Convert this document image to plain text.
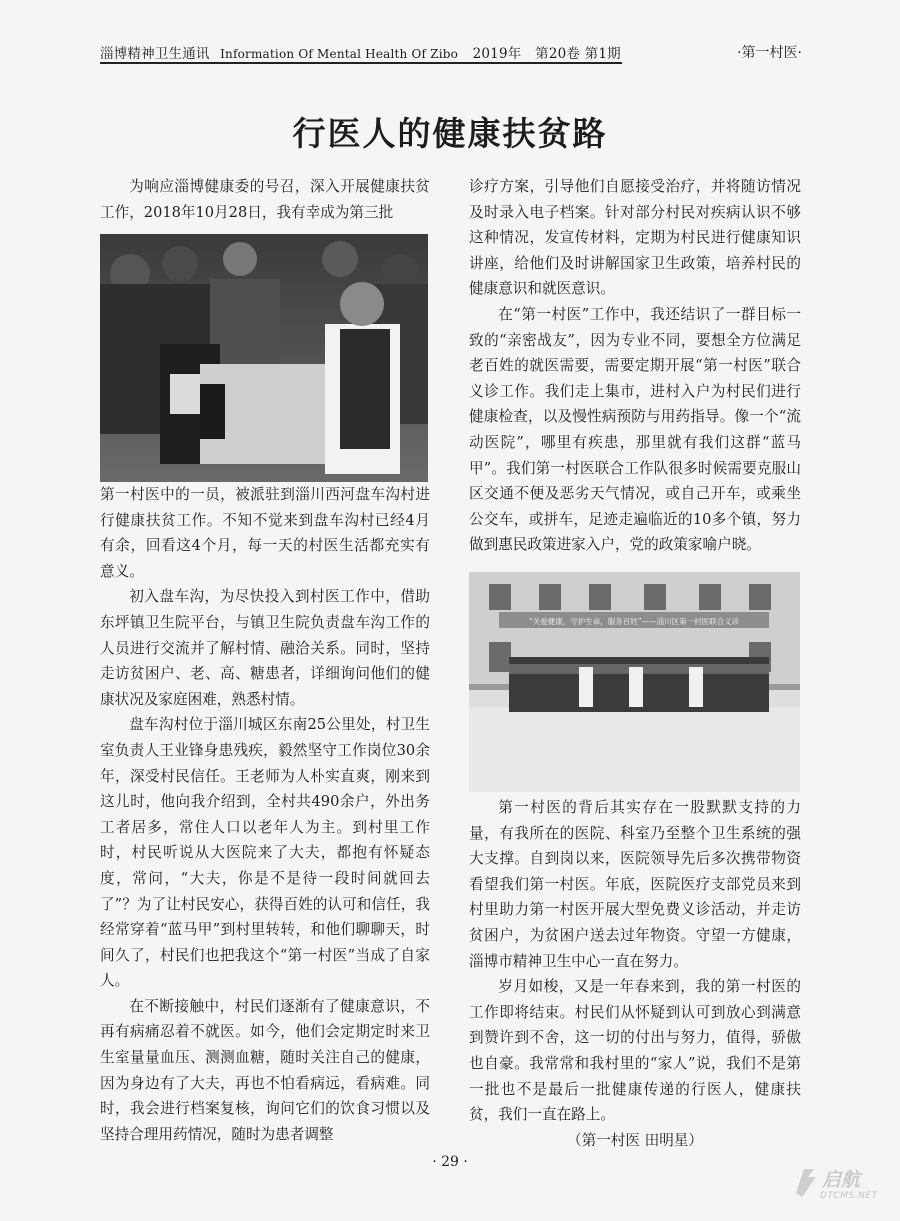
淄博精神卫生通讯 Information Of Mental Health Of Zibo 2019年　第20卷 第1期	·第一村医·
行医人的健康扶贫路

为响应淄博健康委的号召，深入开展健康扶贫工作，2018年10月28日，我有幸成为第三批

第一村医中的一员，被派驻到淄川西河盘车沟村进行健康扶贫工作。不知不觉来到盘车沟村已经4月有余，回看这4个月，每一天的村医生活都充实有意义。

初入盘车沟，为尽快投入到村医工作中，借助东坪镇卫生院平台，与镇卫生院负责盘车沟工作的人员进行交流并了解村情、融洽关系。同时，坚持走访贫困户、老、高、糖患者，详细询问他们的健康状况及家庭困难，熟悉村情。

盘车沟村位于淄川城区东南25公里处，村卫生室负责人王业锋身患残疾，毅然坚守工作岗位30余年，深受村民信任。王老师为人朴实直爽，刚来到这儿时，他向我介绍到，全村共490余户，外出务工者居多，常住人口以老年人为主。到村里工作时，村民听说从大医院来了大夫，都抱有怀疑态度，常问，“大夫，你是不是待一段时间就回去了”？为了让村民安心，获得百姓的认可和信任，我经常穿着“蓝马甲”到村里转转，和他们聊聊天，时间久了，村民们也把我这个“第一村医”当成了自家人。

在不断接触中，村民们逐渐有了健康意识，不再有病痛忍着不就医。如今，他们会定期定时来卫生室量量血压、测测血糖，随时关注自己的健康，因为身边有了大夫，再也不怕看病远，看病难。同时，我会进行档案复核，询问它们的饮食习惯以及坚持合理用药情况，随时为患者调整

诊疗方案，引导他们自愿接受治疗，并将随访情况及时录入电子档案。针对部分村民对疾病认识不够这种情况，发宣传材料，定期为村民进行健康知识讲座，给他们及时讲解国家卫生政策，培养村民的健康意识和就医意识。

在“第一村医”工作中，我还结识了一群目标一致的“亲密战友”，因为专业不同，要想全方位满足老百姓的就医需要，需要定期开展“第一村医”联合义诊工作。我们走上集市，进村入户为村民们进行健康检查，以及慢性病预防与用药指导。像一个“流动医院”，哪里有疾患，那里就有我们这群“蓝马甲”。我们第一村医联合工作队很多时候需要克服山区交通不便及恶劣天气情况，或自己开车，或乘坐公交车，或拼车，足迹走遍临近的10多个镇，努力做到惠民政策进家入户，党的政策家喻户晓。

“关爱健康，守护生命，服务百姓”——淄川区第一村医联合义诊

第一村医的背后其实存在一股默默支持的力量，有我所在的医院、科室乃至整个卫生系统的强大支撑。自到岗以来，医院领导先后多次携带物资看望我们第一村医。年底，医院医疗支部党员来到村里助力第一村医开展大型免费义诊活动，并走访贫困户，为贫困户送去过年物资。守望一方健康，淄博市精神卫生中心一直在努力。

岁月如梭，又是一年春来到，我的第一村医的工作即将结束。村民们从怀疑到认可到放心到满意到赞许到不舍，这一切的付出与努力，值得，骄傲也自豪。我常常和我村里的“家人”说，我们不是第一批也不是最后一批健康传递的行医人，健康扶贫，我们一直在路上。

（第一村医 田明星）

· 29 ·
启航
DTCMS.NET
